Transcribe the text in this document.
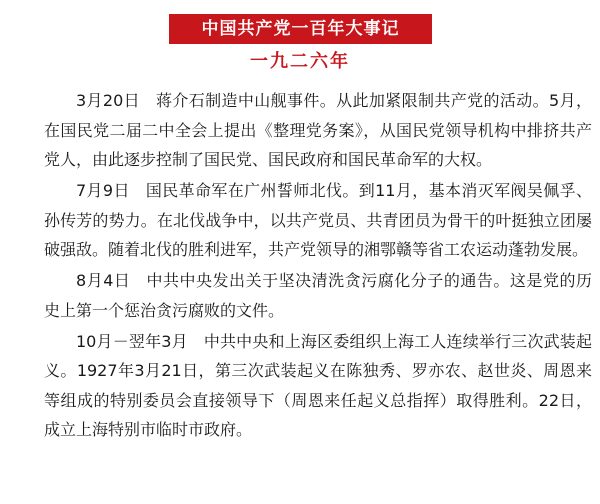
中国共产党一百年大事记
一九二六年

3月20日 蒋介石制造中山舰事件。从此加紧限制共产党的活动。5月，在国民党二届二中全会上提出《整理党务案》，从国民党领导机构中排挤共产党人，由此逐步控制了国民党、国民政府和国民革命军的大权。

7月9日 国民革命军在广州誓师北伐。到11月，基本消灭军阀吴佩孚、孙传芳的势力。在北伐战争中，以共产党员、共青团员为骨干的叶挺独立团屡破强敌。随着北伐的胜利进军，共产党领导的湘鄂赣等省工农运动蓬勃发展。

8月4日 中共中央发出关于坚决清洗贪污腐化分子的通告。这是党的历史上第一个惩治贪污腐败的文件。

10月－翌年3月 中共中央和上海区委组织上海工人连续举行三次武装起义。1927年3月21日，第三次武装起义在陈独秀、罗亦农、赵世炎、周恩来等组成的特别委员会直接领导下（周恩来任起义总指挥）取得胜利。22日，成立上海特别市临时市政府。
